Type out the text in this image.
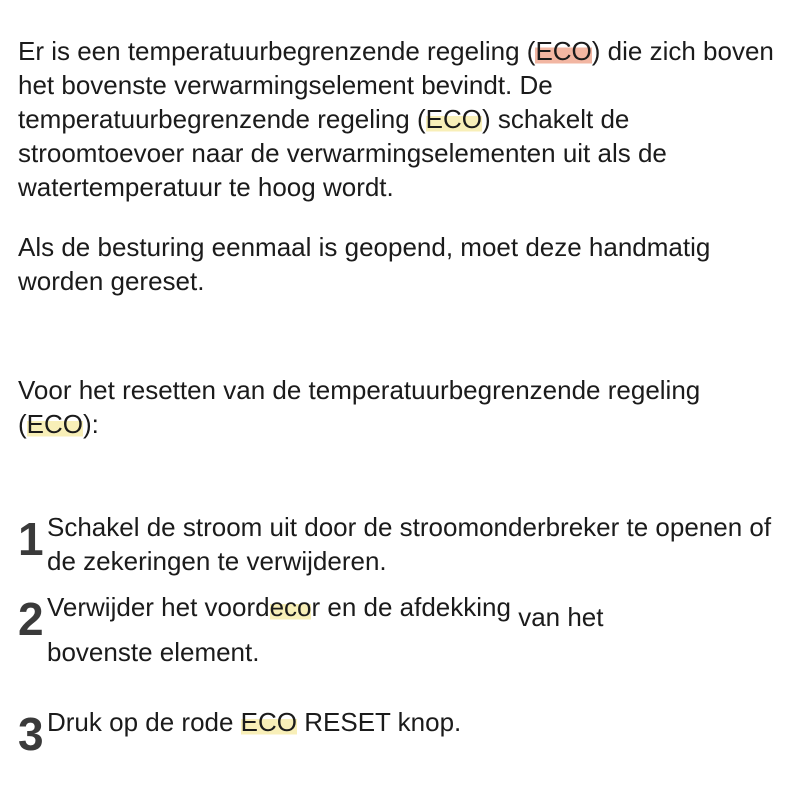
Er is een temperatuurbegrenzende regeling (ECO) die zich boven het bovenste verwarmingselement bevindt. De temperatuurbegrenzende regeling (ECO) schakelt de stroomtoevoer naar de verwarmingselementen uit als de watertemperatuur te hoog wordt.

Als de besturing eenmaal is geopend, moet deze handmatig worden gereset.

Voor het resetten van de temperatuurbegrenzende regeling (ECO):

1 Schakel de stroom uit door de stroomonderbreker te openen of de zekeringen te verwijderen.

2 Verwijder het voordecor en de afdekking van het

bovenste element.

3 Druk op de rode ECO RESET knop.
